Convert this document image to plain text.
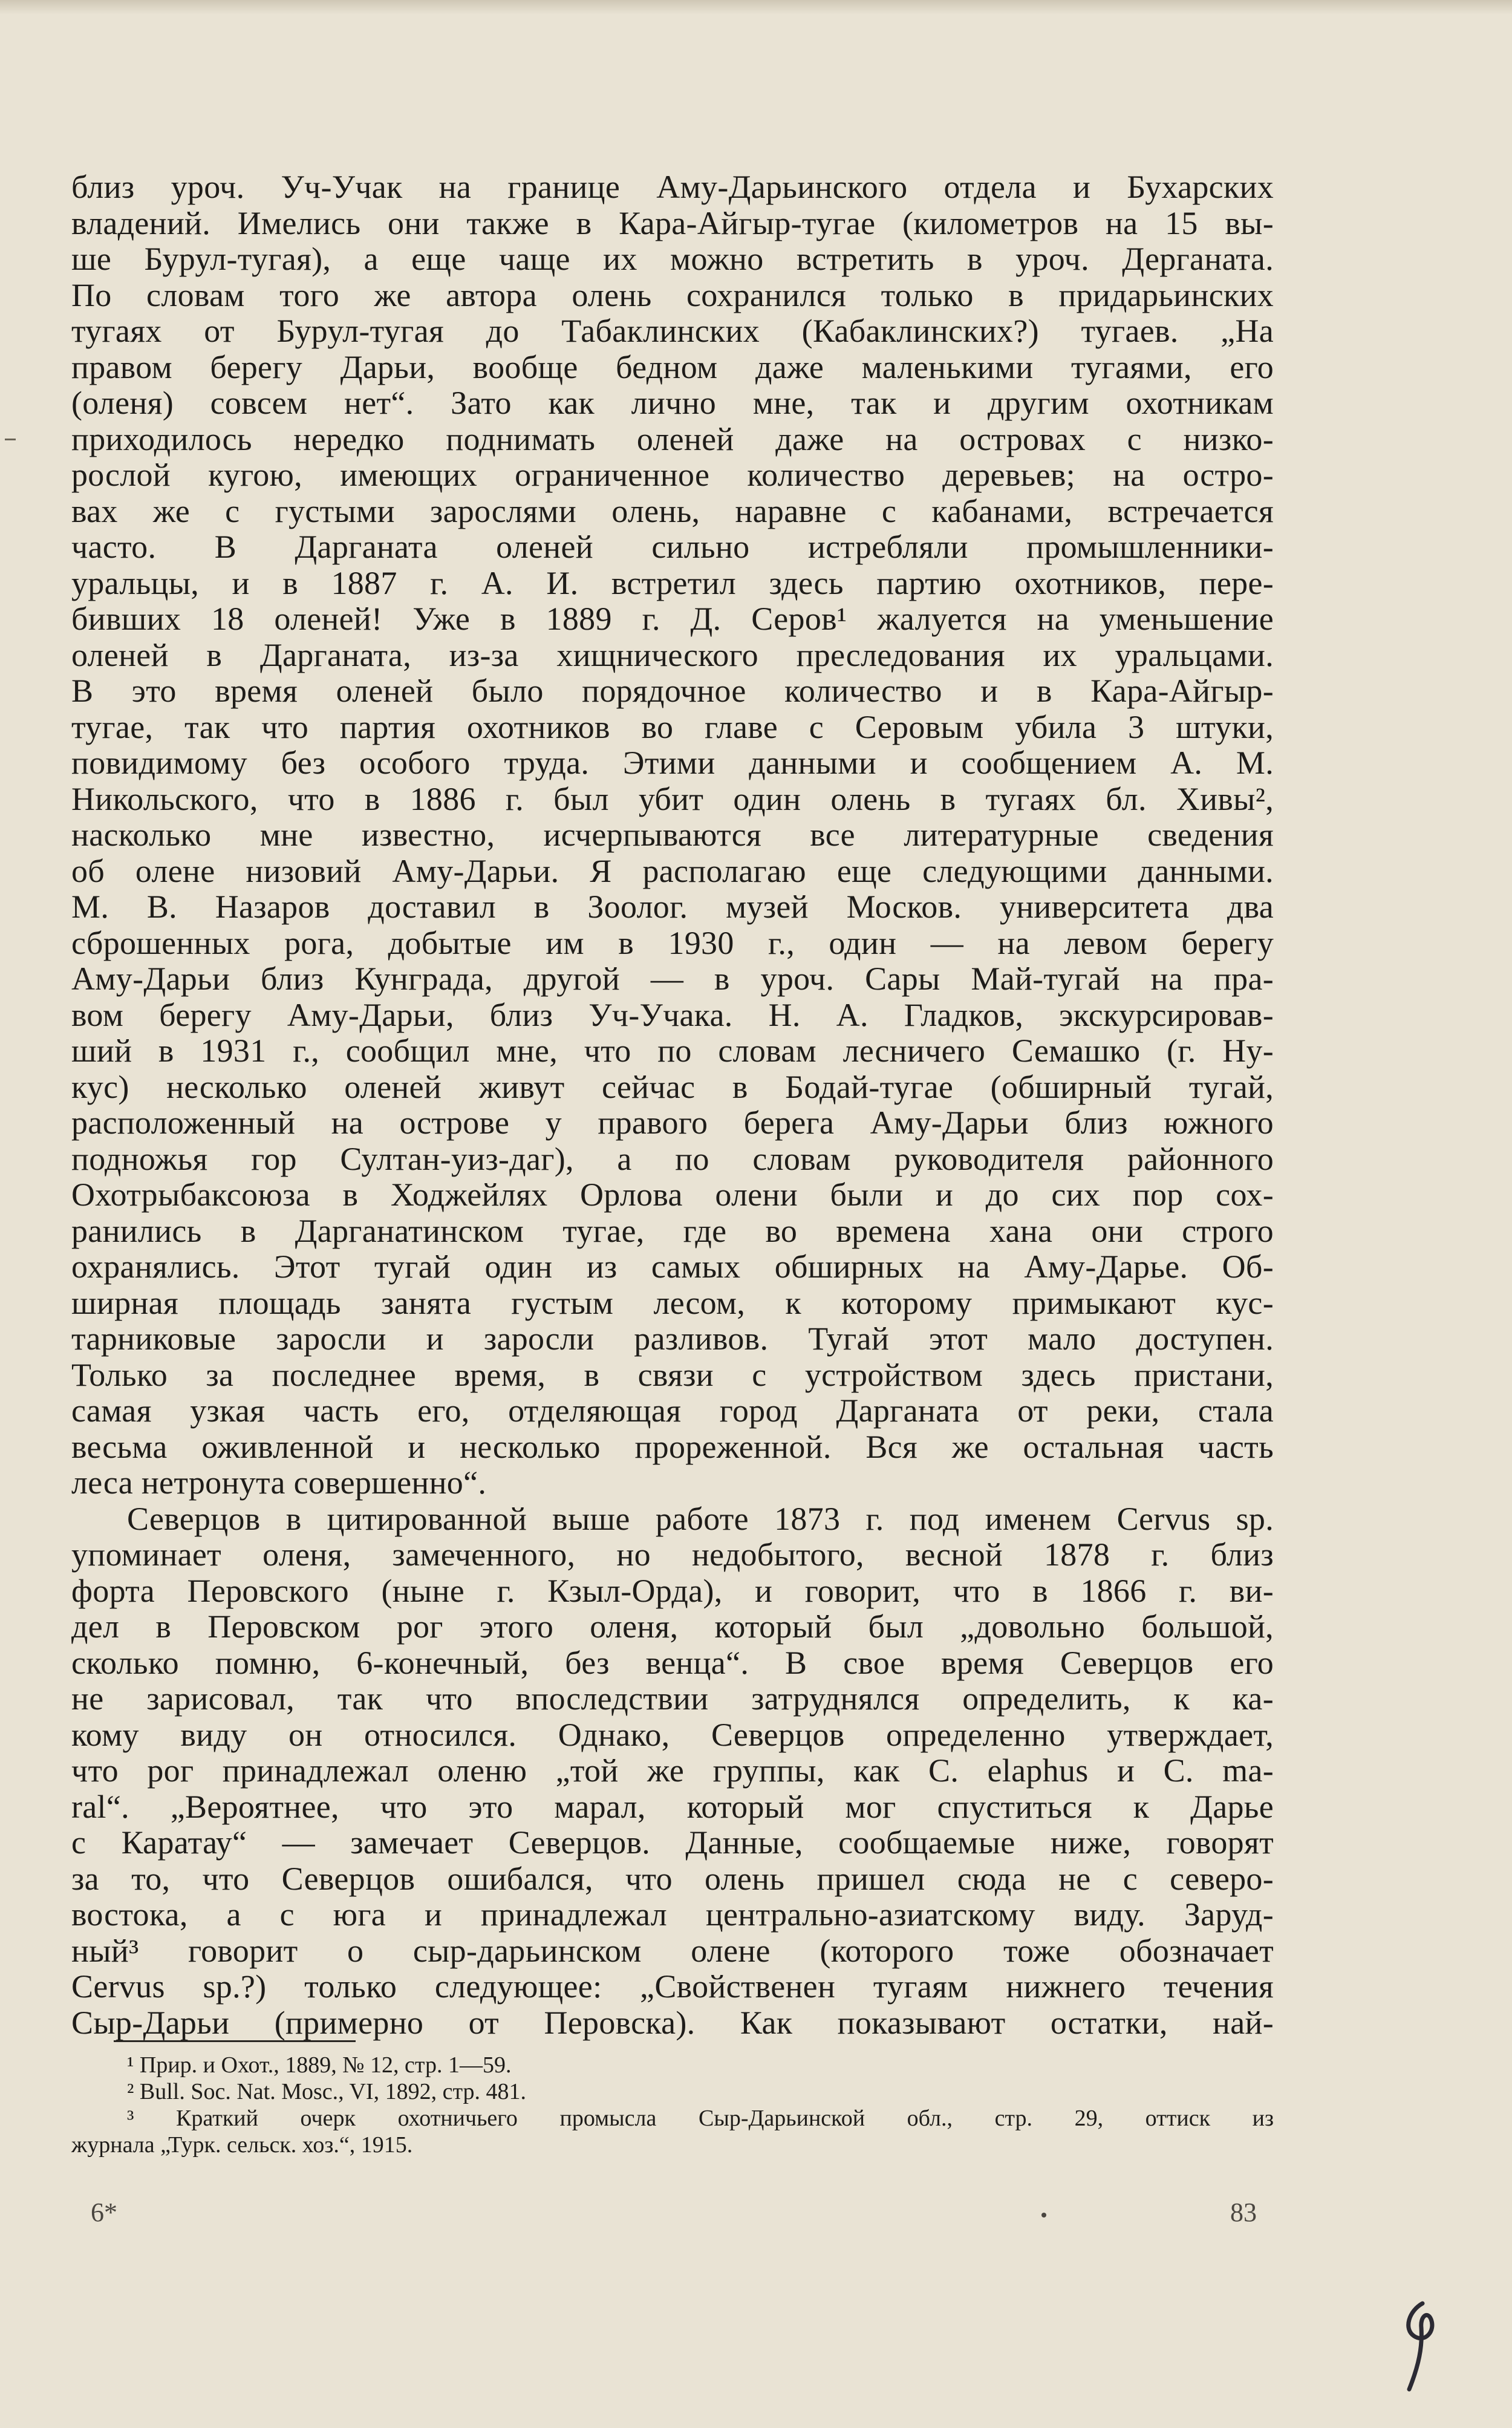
близ уроч. Уч-Учак на границе Аму-Дарьинского отдела и Бухарских
владений. Имелись они также в Кара-Айгыр-тугае (километров на 15 вы-
ше Бурул-тугая), а еще чаще их можно встретить в уроч. Дерганата.
По словам того же автора олень сохранился только в придарьинских
тугаях от Бурул-тугая до Табаклинских (Кабаклинских?) тугаев. „На
правом берегу Дарьи, вообще бедном даже маленькими тугаями, его
(оленя) совсем нет“. Зато как лично мне, так и другим охотникам
приходилось нередко поднимать оленей даже на островах с низко-
рослой кугою, имеющих ограниченное количество деревьев; на остро-
вах же с густыми зарослями олень, наравне с кабанами, встречается
часто. В Дарганата оленей сильно истребляли промышленники-
уральцы, и в 1887 г. А. И. встретил здесь партию охотников, пере-
бивших 18 оленей! Уже в 1889 г. Д. Серов¹ жалуется на уменьшение
оленей в Дарганата, из-за хищнического преследования их уральцами.
В это время оленей было порядочное количество и в Кара-Айгыр-
тугае, так что партия охотников во главе с Серовым убила 3 штуки,
повидимому без особого труда. Этими данными и сообщением А. М.
Никольского, что в 1886 г. был убит один олень в тугаях бл. Хивы²,
насколько мне известно, исчерпываются все литературные сведения
об олене низовий Аму-Дарьи. Я располагаю еще следующими данными.
М. В. Назаров доставил в Зоолог. музей Москов. университета два
сброшенных рога, добытые им в 1930 г., один — на левом берегу
Аму-Дарьи близ Кунграда, другой — в уроч. Сары Май-тугай на пра-
вом берегу Аму-Дарьи, близ Уч-Учака. Н. А. Гладков, экскурсировав-
ший в 1931 г., сообщил мне, что по словам лесничего Семашко (г. Ну-
кус) несколько оленей живут сейчас в Бодай-тугае (обширный тугай,
расположенный на острове у правого берега Аму-Дарьи близ южного
подножья гор Султан-уиз-даг), а по словам руководителя районного
Охотрыбаксоюза в Ходжейлях Орлова олени были и до сих пор сох-
ранились в Дарганатинском тугае, где во времена хана они строго
охранялись. Этот тугай один из самых обширных на Аму-Дарье. Об-
ширная площадь занята густым лесом, к которому примыкают кус-
тарниковые заросли и заросли разливов. Тугай этот мало доступен.
Только за последнее время, в связи с устройством здесь пристани,
самая узкая часть его, отделяющая город Дарганата от реки, стала
весьма оживленной и несколько прореженной. Вся же остальная часть
леса нетронута совершенно“.
Северцов в цитированной выше работе 1873 г. под именем Cervus sp.
упоминает оленя, замеченного, но недобытого, весной 1878 г. близ
форта Перовского (ныне г. Кзыл-Орда), и говорит, что в 1866 г. ви-
дел в Перовском рог этого оленя, который был „довольно большой,
сколько помню, 6-конечный, без венца“. В свое время Северцов его
не зарисовал, так что впоследствии затруднялся определить, к ка-
кому виду он относился. Однако, Северцов определенно утверждает,
что рог принадлежал оленю „той же группы, как C. elaphus и C. ma-
ral“. „Вероятнее, что это марал, который мог спуститься к Дарье
с Каратау“ — замечает Северцов. Данные, сообщаемые ниже, говорят
за то, что Северцов ошибался, что олень пришел сюда не с северо-
востока, а с юга и принадлежал центрально-азиатскому виду. Заруд-
ный³ говорит о сыр-дарьинском олене (которого тоже обозначает
Cervus sp.?) только следующее: „Свойственен тугаям нижнего течения
Сыр-Дарьи (примерно от Перовска). Как показывают остатки, най-
¹ Прир. и Охот., 1889, № 12, стр. 1—59.
² Bull. Soc. Nat. Mosc., VI, 1892, стр. 481.
³ Краткий очерк охотничьего промысла Сыр-Дарьинской обл., стр. 29, оттиск из
журнала „Турк. сельск. хоз.“, 1915.
6*	83
